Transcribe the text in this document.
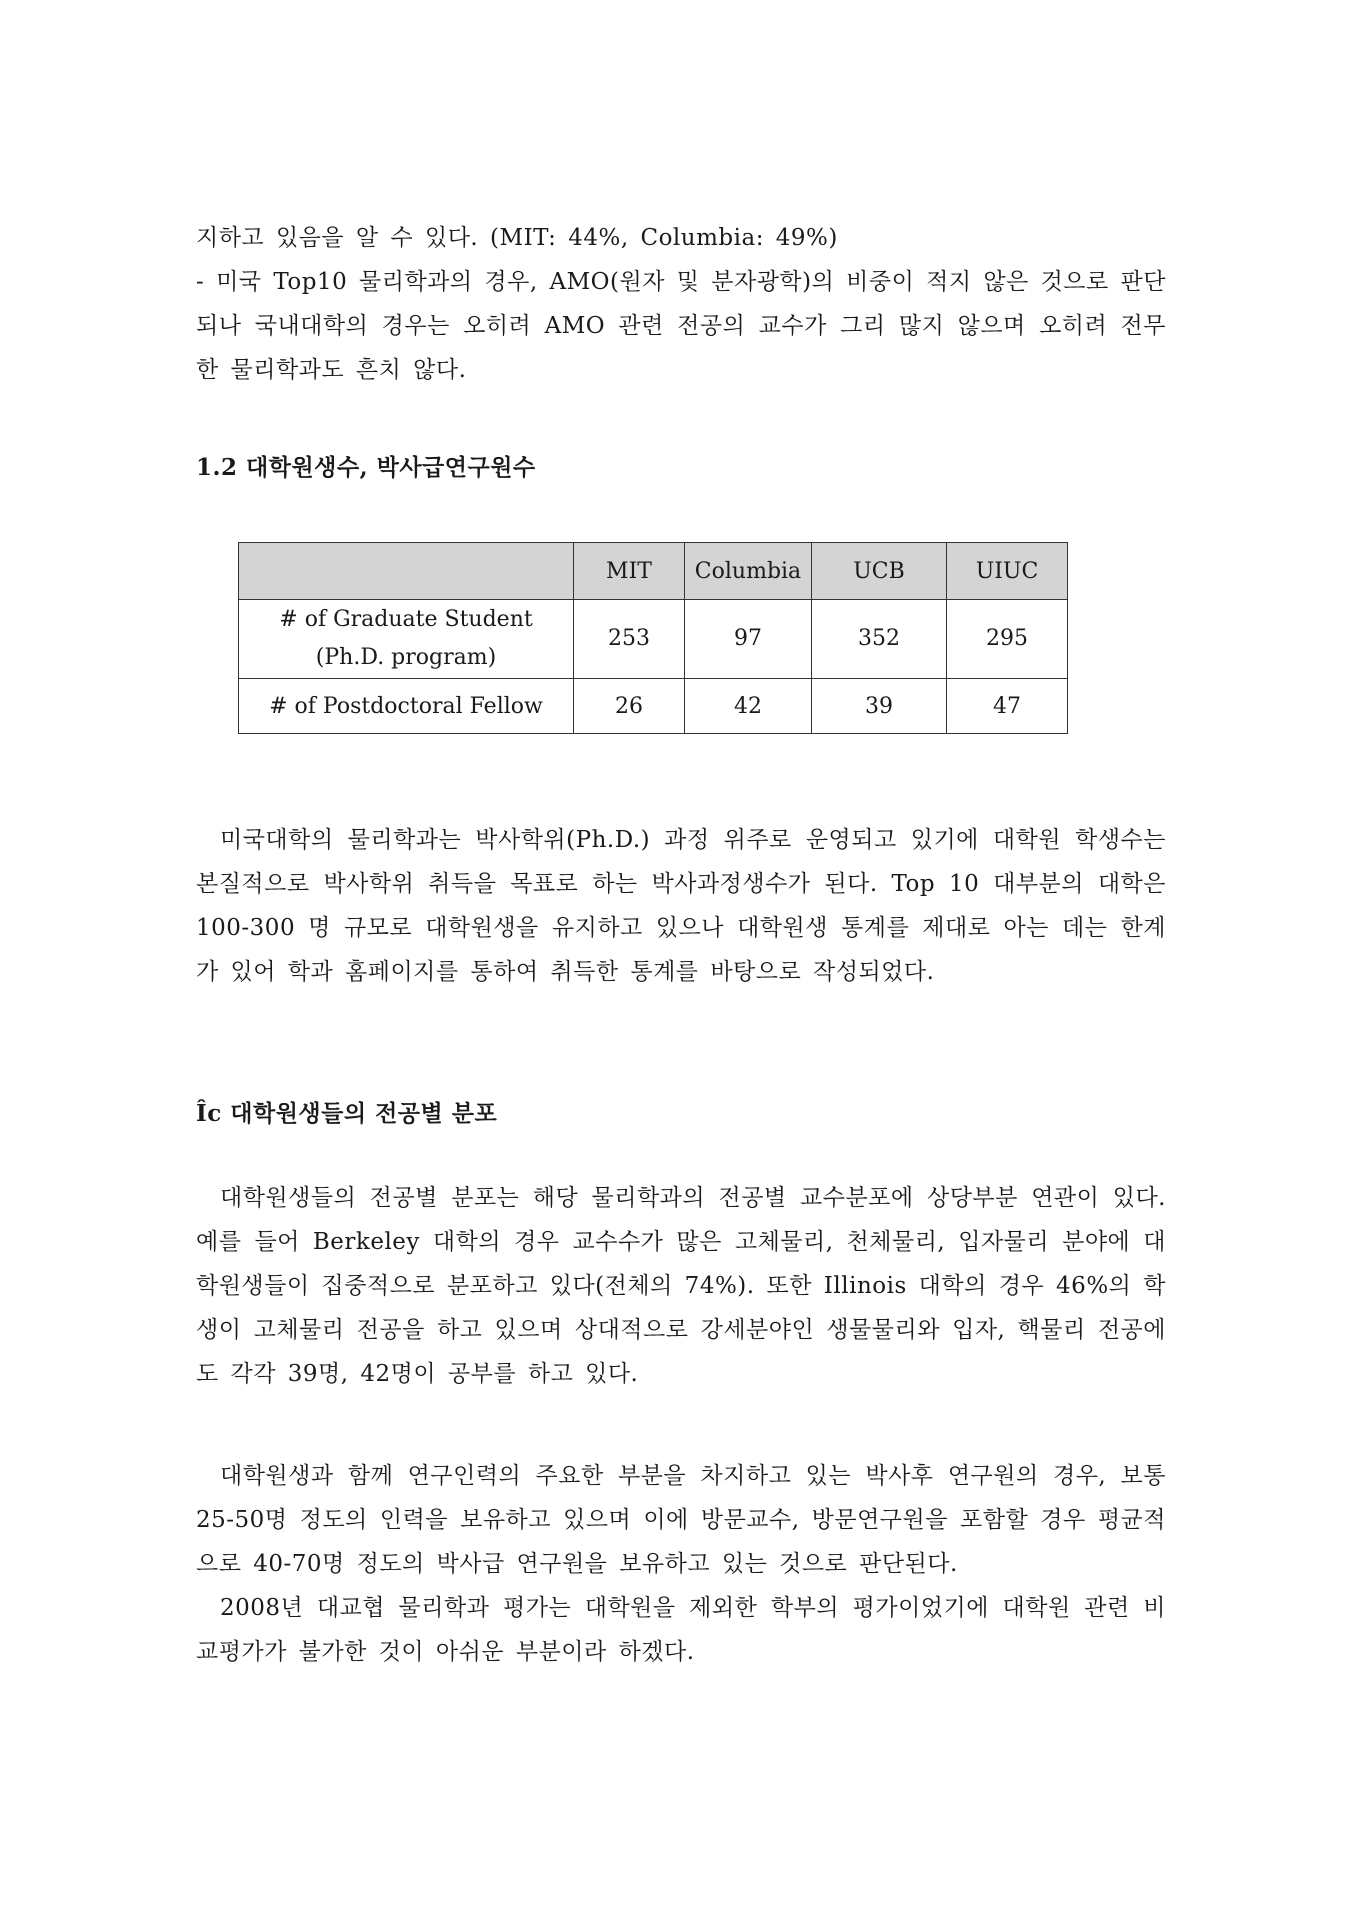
지하고 있음을 알 수 있다. (MIT: 44%, Columbia: 49%)

- 미국 Top10 물리학과의 경우, AMO(원자 및 분자광학)의 비중이 적지 않은 것으로 판단되나 국내대학의 경우는 오히려 AMO 관련 전공의 교수가 그리 많지 않으며 오히려 전무한 물리학과도 흔치 않다.

1.2 대학원생수, 박사급연구원수
	MIT	Columbia	UCB	UIUC

# of Graduate Student
(Ph.D. program)	253	97	352	295
# of Postdoctoral Fellow	26	42	39	47

미국대학의 물리학과는 박사학위(Ph.D.) 과정 위주로 운영되고 있기에 대학원 학생수는 본질적으로 박사학위 취득을 목표로 하는 박사과정생수가 된다. Top 10 대부분의 대학은 100-300 명 규모로 대학원생을 유지하고 있으나 대학원생 통계를 제대로 아는 데는 한계가 있어 학과 홈페이지를 통하여 취득한 통계를 바탕으로 작성되었다.

Îc 대학원생들의 전공별 분포

대학원생들의 전공별 분포는 해당 물리학과의 전공별 교수분포에 상당부분 연관이 있다. 예를 들어 Berkeley 대학의 경우 교수수가 많은 고체물리, 천체물리, 입자물리 분야에 대학원생들이 집중적으로 분포하고 있다(전체의 74%). 또한 Illinois 대학의 경우 46%의 학생이 고체물리 전공을 하고 있으며 상대적으로 강세분야인 생물물리와 입자, 핵물리 전공에도 각각 39명, 42명이 공부를 하고 있다.

대학원생과 함께 연구인력의 주요한 부분을 차지하고 있는 박사후 연구원의 경우, 보통 25-50명 정도의 인력을 보유하고 있으며 이에 방문교수, 방문연구원을 포함할 경우 평균적으로 40-70명 정도의 박사급 연구원을 보유하고 있는 것으로 판단된다.

2008년 대교협 물리학과 평가는 대학원을 제외한 학부의 평가이었기에 대학원 관련 비교평가가 불가한 것이 아쉬운 부분이라 하겠다.
